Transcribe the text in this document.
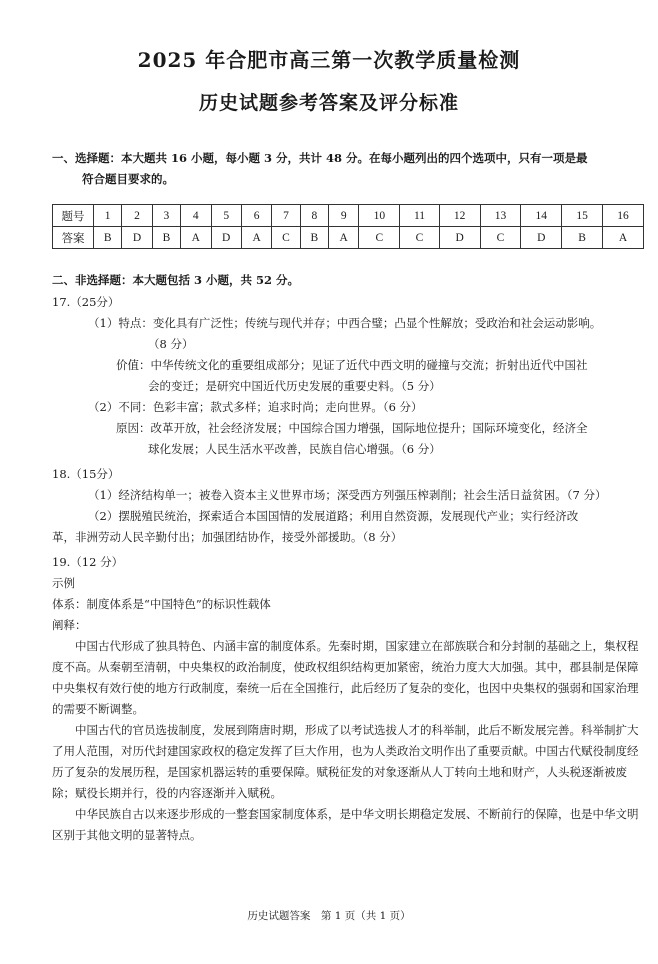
2025 年合肥市高三第一次教学质量检测
历史试题参考答案及评分标准
一、选择题：本大题共 16 小题，每小题 3 分，共计 48 分。在每小题列出的四个选项中，只有一项是最
符合题目要求的。
题号	1	2	3	4	5	6	7	8	9	10	11	12	13	14	15	16
答案	B	D	B	A	D	A	C	B	A	C	C	D	C	D	B	A
二、非选择题：本大题包括 3 小题，共 52 分。
17.（25分）
（1）特点：变化具有广泛性；传统与现代并存；中西合璧；凸显个性解放；受政治和社会运动影响。
（8 分）
价值：中华传统文化的重要组成部分；见证了近代中西文明的碰撞与交流；折射出近代中国社
会的变迁；是研究中国近代历史发展的重要史料。（5 分）
（2）不同：色彩丰富；款式多样；追求时尚；走向世界。（6 分）
原因：改革开放，社会经济发展；中国综合国力增强，国际地位提升；国际环境变化，经济全
球化发展；人民生活水平改善，民族自信心增强。（6 分）
18.（15分）
（1）经济结构单一；被卷入资本主义世界市场；深受西方列强压榨剥削；社会生活日益贫困。（7 分）
（2）摆脱殖民统治，探索适合本国国情的发展道路；利用自然资源，发展现代产业；实行经济改
革，非洲劳动人民辛勤付出；加强团结协作，接受外部援助。（8 分）
19.（12 分）
示例
体系：制度体系是“中国特色”的标识性载体
阐释：
中国古代形成了独具特色、内涵丰富的制度体系。先秦时期，国家建立在部族联合和分封制的基础之上，集权程度不高。从秦朝至清朝，中央集权的政治制度，使政权组织结构更加紧密，统治力度大大加强。其中，郡县制是保障中央集权有效行使的地方行政制度，秦统一后在全国推行，此后经历了复杂的变化，也因中央集权的强弱和国家治理的需要不断调整。
中国古代的官员选拔制度，发展到隋唐时期，形成了以考试选拔人才的科举制，此后不断发展完善。科举制扩大了用人范围，对历代封建国家政权的稳定发挥了巨大作用，也为人类政治文明作出了重要贡献。中国古代赋役制度经历了复杂的发展历程，是国家机器运转的重要保障。赋税征发的对象逐渐从人丁转向土地和财产，人头税逐渐被废除；赋役长期并行，役的内容逐渐并入赋税。
中华民族自古以来逐步形成的一整套国家制度体系，是中华文明长期稳定发展、不断前行的保障，也是中华文明区别于其他文明的显著特点。
历史试题答案　第 1 页（共 1 页）
